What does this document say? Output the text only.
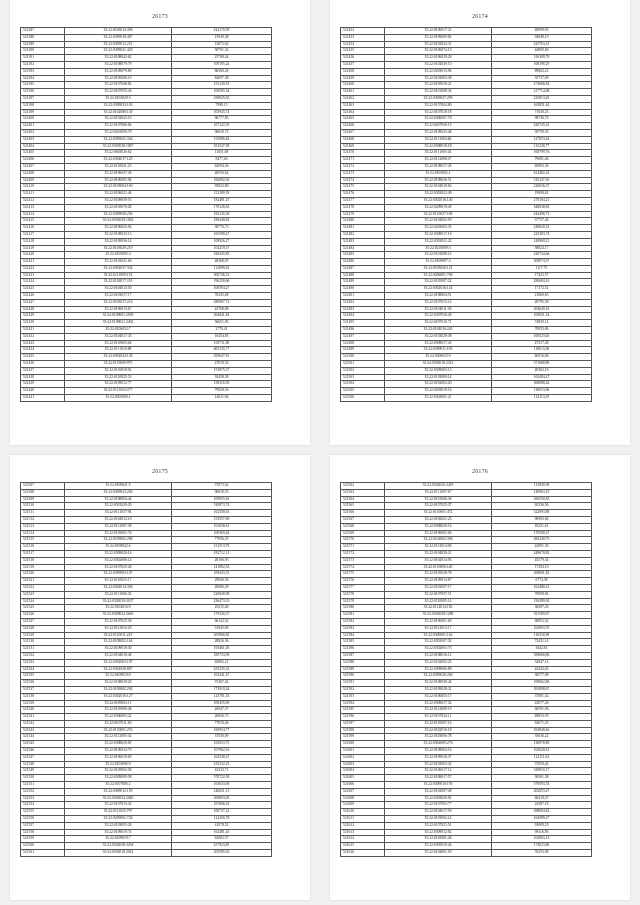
26173
521387	35:22:0106014:396	224170,58
521388	35:22:0309018:487	15949,38
521389	35:22:0309012:251	12872,62
521390	35:22:0309021:420	58701,32
521391	35:22:0108042:62	25708,44
521392	35:22:0108079:79	109195,24
521393	35:22:0109079:89	86360,26
521394	35:22:0105006:19	84097,38
521395	35:22:0107048:82	152130,53
521396	35:22:0107055:26	106585,34
521397	35:22:0103029:5	258925,03
521398	35:22:0309033:103	7998,15
521399	35:22:0102008:130	105945,74
521400	35:22:0102023:10	96777,83
521401	35:22:0107086:84	107122,59
521402	35:22:0201059:79	96030,74
521403	35:22:0309021:344	155996,82
521404	35:22:0305028:1087	352547,38
521405	35:22:0603026:62	11651,68
521406	35:22:0304017:125	8477,26
521407	35:22:0110021:25	62094,36
521408	35:22:0106037:40	40550,64
521409	35:22:0106005:94	166082,02
521410	35:22:0103004:160	95822,80
521411	35:22:0106021:46	152189,39
521412	35:22:0108039:53	182481,47
521413	35:22:0105076:28	178126,63
521414	35:22:0309030:256	182145,38
521415	35:22:0302028:1062	180448,82
521416	35:22:0106025:92	38776,73
521417	35:22:0108023:13	165398,47
521418	35:22:0109036:14	109926,27
521419	35:22:0103029:219	104219,57
521420	35:22:0105005:3	328445,85
521421	35:22:0102041:66	48368,05
521422	35:22:0302037:334	112899,63
521423	35:22:0111009:152	300746,52
521424	35:22:0102017:119	196258,66
521425	35:22:0104013:50	100594,27
521426	35:22:0103017:17	70435,68
521427	35:22:0103017:216	280967,72
521428	35:22:0106013:67	43768,08
521429	35:22:0109001:2039	264841,84
521430	35:22:0109021:2402	56651,03
521431	35:22:0106032:7	2770,41
521432	35:22:0104017:33	16454,83
521433	35:22:0110003:64	103711,69
521434	35:22:0111010:88	665135,77
521435	35:22:0302024:130	295647,91
521436	35:22:0119009:975	47818,54
521437	35:22:0110018:92	153875,37
521438	35:22:0110025:53	92458,39
521439	35:22:0109012:77	158316,59
521440	35:22:0111023:477	79828,56
521441	35:22:0305009:1	14631,66
26174
521452	35:22:0106017:21	48999,93
521453	35:22:0109009:82	94848,19
521454	35:22:0102024:31	225763,41
521455	35:22:0106074:13	44869,69
521456	35:22:0106029:29	316309,79
521457	35:22:0102049:10	168198,29
521458	35:22:0203013:96	89862,23
521459	35:22:0103003:38	35737,09
521460	35:22:0105018:21	274686,84
521461	35:22:0101008:34	217714,68
521462	35:22:0309027:299	225813,20
521463	35:22:0107004:80	163831,44
521464	35:22:0107010:18	71630,23
521465	35:22:0306007:78	98736,74
521466	35:22:0207030:15	220745,43
521467	35:22:0109023:46	39759,35
521468	35:22:0111004:66	127053,44
521469	35:22:0308018:18	115228,77
521470	35:22:0111005:43	168799,76
521471	35:22:0112008:37	79081,46
521472	35:22:0108017:45	65993,36
521473	35:22:0103002:1	614482,24
521474	35:22:0108036:51	510147,65
521475	35:22:0104018:63	226036,37
521476	35:22:0302022:49	19008,62
521477	35:22:0302016:140	278194,21
521478	35:22:0209019:45	348038,83
521479	35:22:0110027:168	244496,73
521480	35:22:0104002:59	37757,44
521481	35:22:0203003:35	249620,32
521482	35:22:0308017:16	225303,74
521483	35:22:0302021:22	140969,21
521484	35:22:0210009:3	58824,17
521485	35:22:0101008:14	220744,66
521486	35:22:0109007:3	308974,37
521487	35:22:0105020:121	1117,75
521488	35:22:0206001:700	17423,57
521489	35:22:0105007:22	286684,16
521490	35:22:0302016:144	17172,52
521491	35:22:0108004:51	21860,65
521492	35:22:0107015:14	28795,58
521493	35:22:0104011:30	204649,16
521494	35:22:0307030:40	100021,34
521495	35:22:0107010:71	74839,14
521496	35:22:0104016:242	70935,86
521497	35:22:0103028:38	106523,65
521498	35:22:0309017:43	47317,48
521499	35:22:0309011:103	118613,06
521500	35:22:0306023:9	46916,66
521501	35:22:0302018:2321	371688,80
521502	35:22:0309003:13	20362,19
521503	35:22:0118009:14	162484,47
521504	35:22:0102004:20	368088,44
521505	35:22:0203019:16	118013,06
521506	35:22:0302001:21	114113,59
26175
521507	35:22:0109021:5	37873,62
521508	35:22:0309023:204	96810,53
521509	35:22:0108004:44	109955,63
521510	35:22:0301029:29	510873,74
521511	35:22:0111037:94	162358,63
521512	35:22:0104012:10	153557,69
521513	35:22:0112007:38	161038,61
521514	35:22:0105001:76	100365,64
521515	35:22:0109002:288	77956,35
521516	35:22:0108022:6	131513,79
521517	35:22:0309020:16	182712,12
521518	35:22:0302006:14	28166,93
521519	35:22:0107025:28	141802,33
521520	35:22:0309003:107	109443,53
521521	35:22:0110023:17	29826,56
521522	35:22:0302014:394	20686,29
521523	35:22:0111006:32	226848,08
521524	35:22:0302019:2107	236473,35
521525	35:22:0102016:9	25215,40
521526	35:22:0309024:3663	179326,57
521527	35:22:0107025:30	66142,52
521528	35:22:0112016:29	31945,69
521529	35:22:0110011:225	205966,82
521530	35:22:0108002:164	28826,36
521531	35:22:0109018:30	193461,05
521532	35:22:0104018:46	185733,58
521533	35:22:0302003:107	65802,21
521534	35:22:0302028:807	255235,33
521535	35:22:0109019:9	102441,47
521536	35:22:0108018:20	37467,42
521537	35:22:0109002:204	175019,24
521538	35:22:0302016:127	123781,35
521539	35:22:0109003:11	109455,09
521540	35:22:0105006:46	26047,57
521541	35:22:0306003:22	26836,73
521542	35:22:0107011:83	77810,46
521543	35:22:0110001:276	160954,77
521544	35:22:0112005:34	37030,09
521545	35:22:0308029:81	165033,75
521546	35:22:0106024:70	107902,16
521547	35:22:0106018:65	162538,47
521548	35:22:0103006:9	235232,23
521549	35:22:0105002:58	42333,71
521550	35:22:0309009:58	570722,58
521551	35:22:0107006:2	163633,69
521552	35:22:0309012:159	146021,13
521553	35:22:0302034:2040	206803,03
521554	35:22:0107013:32	167066,52
521555	35:22:0111025:797	168737,22
521556	35:22:0209001:726	122456,78
521557	35:22:0103003:26	41078,52
521558	35:22:0109019:74	162481,43
521559	35:22:0109018:7	63002,57
521560	35:22:0302028:3294	257923,85
521561	35:22:0302018:2024	205585,63
26176
521562	35:22:0302026:2419	113839,59
521563	35:22:0111007:67	140963,19
521564	35:22:0101006:36	266550,83
521565	35:22:0107025:37	65336,56
521566	35:22:0110001:472	322993,88
521567	35:22:0105021:25	90903,84
521568	35:22:0308020:16	18251,61
521569	35:22:0106002:06	170580,47
521570	35:22:0102002:396	482349,75
521571	35:22:0112014:00	42991,39
521572	35:22:0104029:21	248678,82
521573	35:22:0102014:93	45579,34
521574	35:22:0110006:140	17294,10
521575	35:22:0105028:78	208681,82
521576	35:22:0109014:87	6774,38
521577	35:22:0102007:17	162488,41
521578	35:22:0107037:51	79098,94
521579	35:22:0110005:14	156389,30
521580	35:22:0112014:150	36587,43
521581	35:22:0302028:1288	911509,67
521582	35:22:0106001:69	60852,52
521583	35:22:0112013:17	163093,70
521584	35:22:0309001:162	116318,99
521585	35:22:0302007:32	72431,14
521586	35:22:0302003:73	3442,63
521587	35:22:0108016:12	358668,86
521588	35:22:0102002:25	34847,14
521589	35:22:0309006:89	42432,63
521590	35:22:0309026:260	30577,08
521591	35:22:0108038:44	108662,86
521592	35:22:0109028:32	393098,67
521593	35:22:0106003:17	37081,32
521594	35:22:0309017:32	43077,26
521595	35:22:0112008:19	66591,96
521596	35:22:0107024:11	48853,59
521597	35:22:0110007:16	63671,45
521598	35:22:0102016:18	294848,46
521599	35:22:0103006:78	35636,22
521600	35:22:0302009:276	136978,89
521601	35:22:0109004:16	165620,81
521602	35:22:0109018:37	122111,63
521603	35:22:0103003:32	37659,42
521604	35:22:0106017:14	329910,17
521605	35:22:0108017:57	36561,38
521606	35:22:0309010:193	579593,53
521607	35:22:0102007:49	202053,47
521608	35:22:0302026:92	60418,47
521609	35:22:0107003:77	24587,18
521610	35:22:0104017:59	298694,82
521611	35:22:0103002:14	164589,47
521612	35:22:0107021:51	93089,10
521613	35:22:0309012:02	98116,56
521614	35:22:0110001:48	163063,13
521615	35:22:0305019:26	174023,86
521616	35:22:0104001:50	76253,98
